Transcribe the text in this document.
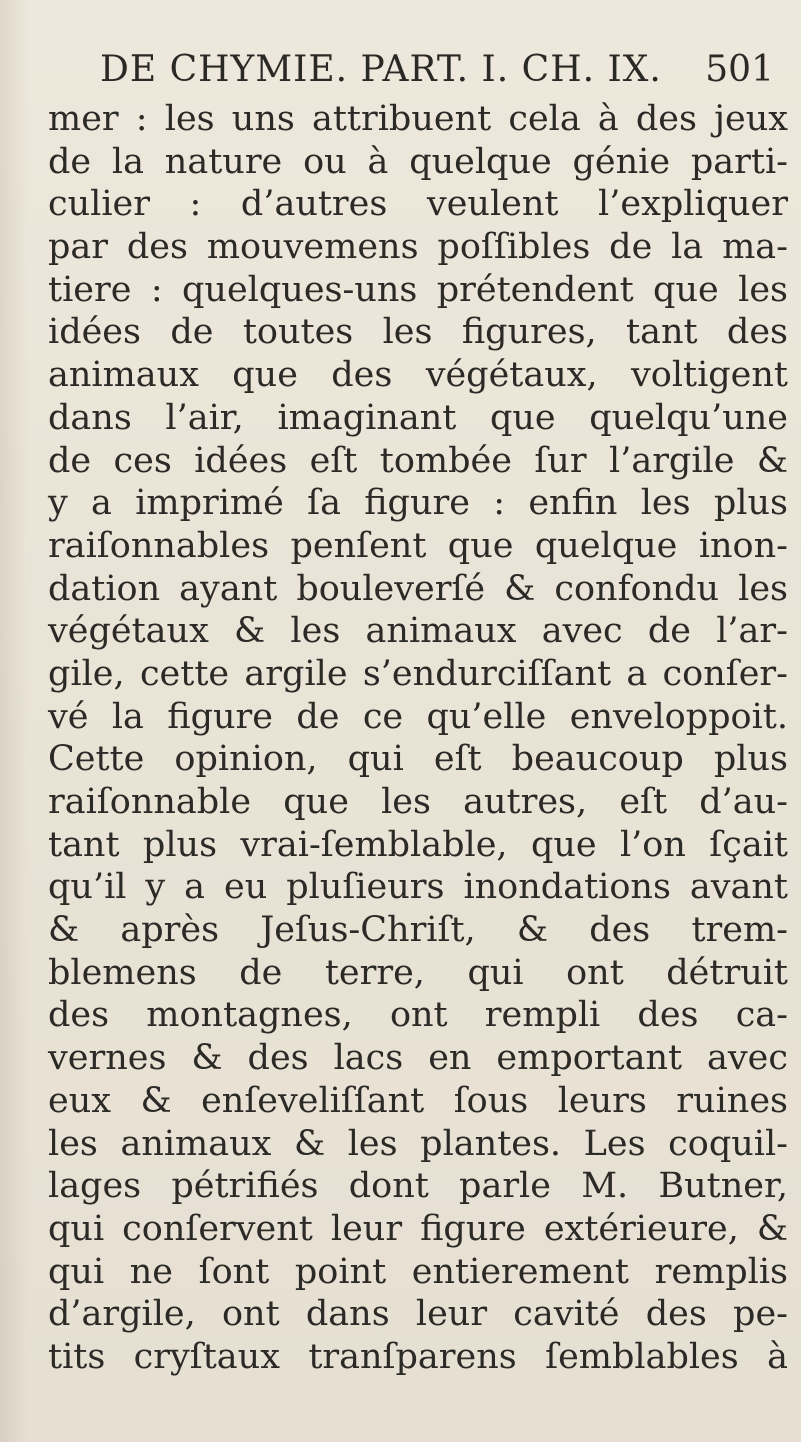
DE CHYMIE. PART. I. CH. IX. 501
mer : les uns attribuent cela à des jeux
de la nature ou à quelque génie parti-
culier : d’autres veulent l’expliquer
par des mouvemens poſſibles de la ma-
tiere : quelques-uns prétendent que les
idées de toutes les figures, tant des
animaux que des végétaux, voltigent
dans l’air, imaginant que quelqu’une
de ces idées eſt tombée ſur l’argile &
y a imprimé ſa figure : enfin les plus
raiſonnables penſent que quelque inon-
dation ayant bouleverſé & confondu les
végétaux & les animaux avec de l’ar-
gile, cette argile s’endurciſſant a conſer-
vé la figure de ce qu’elle enveloppoit.
Cette opinion, qui eſt beaucoup plus
raiſonnable que les autres, eſt d’au-
tant plus vrai-ſemblable, que l’on ſçait
qu’il y a eu pluſieurs inondations avant
& après Jeſus-Chriſt, & des trem-
blemens de terre, qui ont détruit
des montagnes, ont rempli des ca-
vernes & des lacs en emportant avec
eux & enſeveliſſant ſous leurs ruines
les animaux & les plantes. Les coquil-
lages pétrifiés dont parle M. Butner,
qui conſervent leur figure extérieure, &
qui ne ſont point entierement remplis
d’argile, ont dans leur cavité des pe-
tits cryſtaux tranſparens ſemblables à
